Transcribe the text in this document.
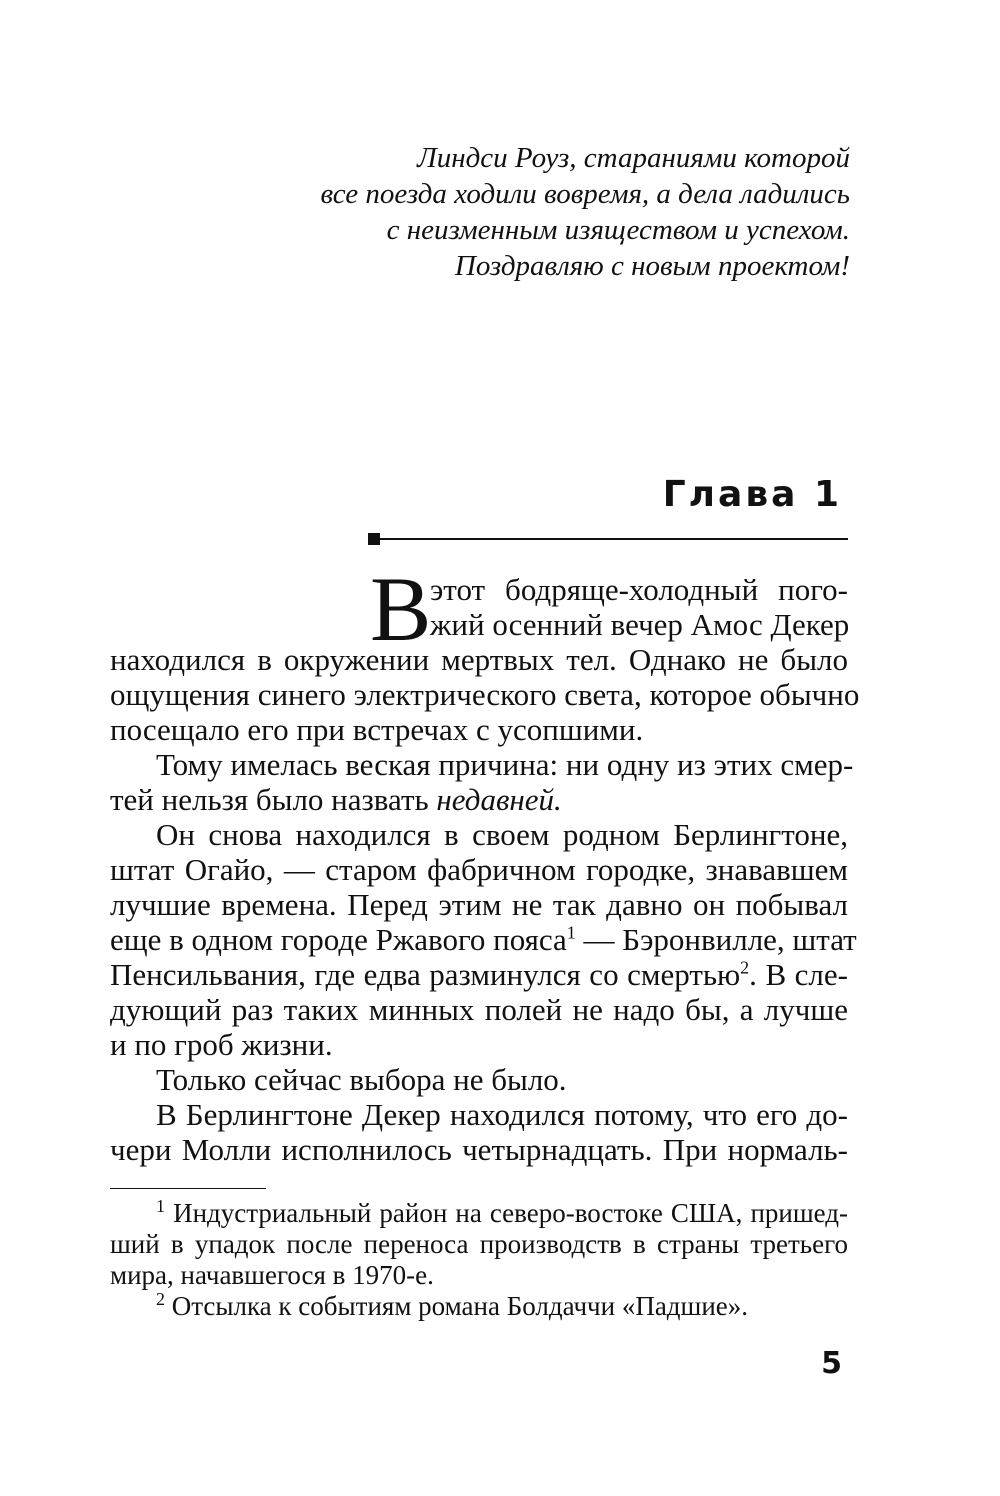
Линдси Роуз, стараниями которой
все поезда ходили вовремя, а дела ладились
с неизменным изяществом и успехом.
Поздравляю с новым проектом!
Глава 1
В
этот бодряще-холодный пого-
жий осенний вечер Амос Декер
находился в окружении мертвых тел. Однако не было
ощущения синего электрического света, которое обычно
посещало его при встречах с усопшими.
Тому имелась веская причина: ни одну из этих смер-
тей нельзя было назвать недавней.
Он снова находился в своем родном Берлингтоне,
штат Огайо, — старом фабричном городке, знававшем
лучшие времена. Перед этим не так давно он побывал
еще в одном городе Ржавого пояса$^1$ — Бэронвилле, штат
Пенсильвания, где едва разминулся со смертью$^2$. В сле-
дующий раз таких минных полей не надо бы, а лучше
и по гроб жизни.
Только сейчас выбора не было.
В Берлингтоне Декер находился потому, что его до-
чери Молли исполнилось четырнадцать. При нормаль-
$^1$ Индустриальный район на северо-востоке США, пришед-
ший в упадок после переноса производств в страны третьего
мира, начавшегося в 1970-е.
$^2$ Отсылка к событиям романа Болдаччи «Падшие».
5
